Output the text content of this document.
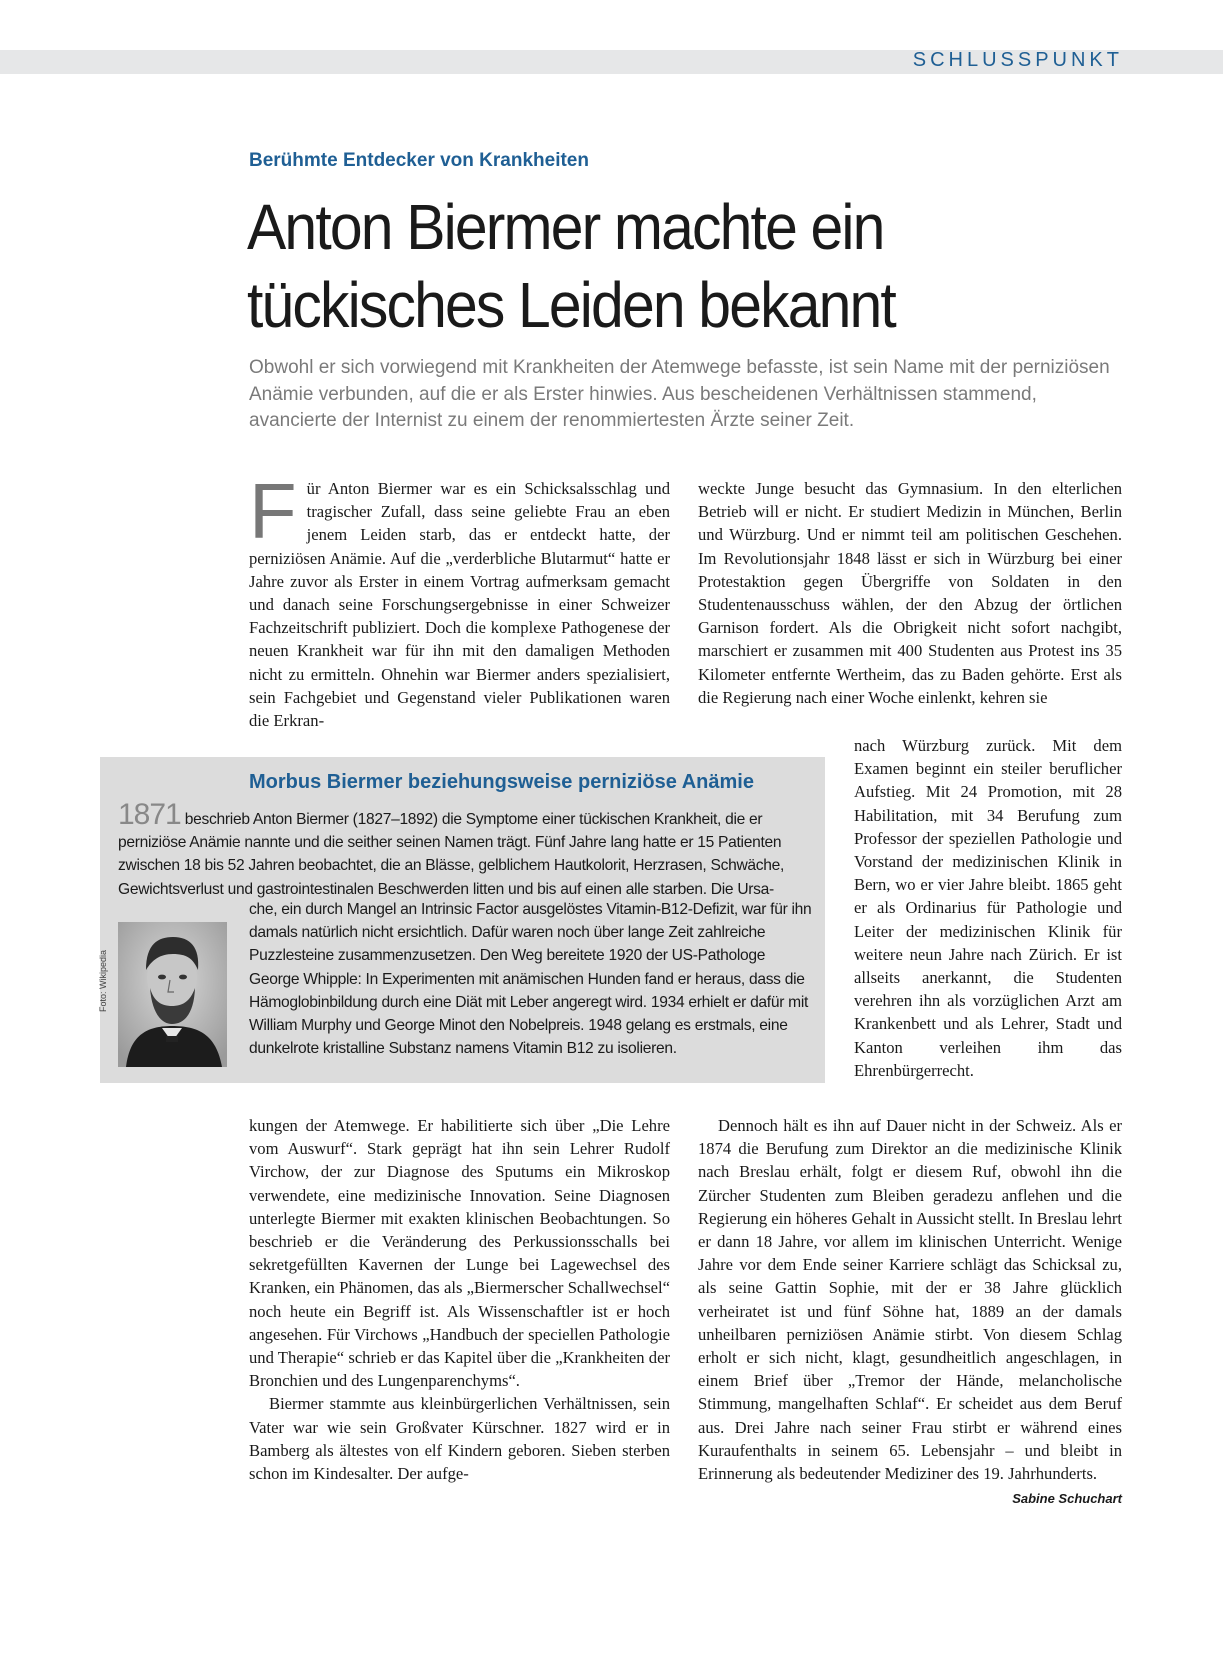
SCHLUSSPUNKT
Berühmte Entdecker von Krankheiten
Anton Biermer machte ein
tückisches Leiden bekannt

Obwohl er sich vorwiegend mit Krankheiten der Atemwege befasste, ist sein Name mit der perniziösen Anämie verbunden, auf die er als Erster hinwies. Aus bescheidenen Verhältnissen stammend, avancierte der Internist zu einem der renommiertesten Ärzte seiner Zeit.

F ür Anton Biermer war es ein Schicksalsschlag und tragischer Zufall, dass seine geliebte Frau an eben jenem Leiden starb, das er entdeckt hatte, der perniziösen Anämie. Auf die „verderbliche Blutarmut“ hatte er Jahre zuvor als Erster in einem Vortrag aufmerksam gemacht und danach seine Forschungsergebnisse in einer Schweizer Fachzeitschrift publiziert. Doch die komplexe Pathogenese der neuen Krankheit war für ihn mit den damaligen Methoden nicht zu ermitteln. Ohnehin war Biermer anders spezialisiert, sein Fachgebiet und Gegenstand vieler Publikationen waren die Erkran-

weckte Junge besucht das Gymnasium. In den elterlichen Betrieb will er nicht. Er studiert Medizin in München, Berlin und Würzburg. Und er nimmt teil am politischen Geschehen. Im Revolutionsjahr 1848 lässt er sich in Würzburg bei einer Protestaktion gegen Übergriffe von Soldaten in den Studentenausschuss wählen, der den Abzug der örtlichen Garnison fordert. Als die Obrigkeit nicht sofort nachgibt, marschiert er zusammen mit 400 Studenten aus Protest ins 35 Kilometer entfernte Wertheim, das zu Baden gehörte. Erst als die Regierung nach einer Woche einlenkt, kehren sie

nach Würzburg zurück. Mit dem Examen beginnt ein steiler beruflicher Aufstieg. Mit 24 Promotion, mit 28 Habilitation, mit 34 Berufung zum Professor der speziellen Pathologie und Vorstand der medizinischen Klinik in Bern, wo er vier Jahre bleibt. 1865 geht er als Ordinarius für Pathologie und Leiter der medizinischen Klinik für weitere neun Jahre nach Zürich. Er ist allseits anerkannt, die Studenten verehren ihn als vorzüglichen Arzt am Krankenbett und als Lehrer, Stadt und Kanton verleihen ihm das Ehrenbürgerrecht.

Morbus Biermer beziehungsweise perniziöse Anämie

1871 beschrieb Anton Biermer (1827–1892) die Symptome einer tückischen Krankheit, die er perniziöse Anämie nannte und die seither seinen Namen trägt. Fünf Jahre lang hatte er 15 Patienten zwischen 18 bis 52 Jahren beobachtet, die an Blässe, gelblichem Hautkolorit, Herzrasen, Schwäche, Gewichtsverlust und gastrointestinalen Beschwerden litten und bis auf einen alle starben. Die Ursa-

Foto: Wikipedia

che, ein durch Mangel an Intrinsic Factor ausgelöstes Vitamin-B12-Defizit, war für ihn damals natürlich nicht ersichtlich. Dafür waren noch über lange Zeit zahlreiche Puzzlesteine zusammenzusetzen. Den Weg bereitete 1920 der US-Pathologe George Whipple: In Experimenten mit anämischen Hunden fand er heraus, dass die Hämoglobinbildung durch eine Diät mit Leber angeregt wird. 1934 erhielt er dafür mit William Murphy und George Minot den Nobelpreis. 1948 gelang es erstmals, eine dunkelrote kristalline Substanz namens Vitamin B12 zu isolieren.

kungen der Atemwege. Er habilitierte sich über „Die Lehre vom Auswurf“. Stark geprägt hat ihn sein Lehrer Rudolf Virchow, der zur Diagnose des Sputums ein Mikroskop verwendete, eine medizinische Innovation. Seine Diagnosen unterlegte Biermer mit exakten klinischen Beobachtungen. So beschrieb er die Veränderung des Perkussionsschalls bei sekretgefüllten Kavernen der Lunge bei Lagewechsel des Kranken, ein Phänomen, das als „Biermerscher Schallwechsel“ noch heute ein Begriff ist. Als Wissenschaftler ist er hoch angesehen. Für Virchows „Handbuch der speciellen Pathologie und Therapie“ schrieb er das Kapitel über die „Krankheiten der Bronchien und des Lungenparenchyms“.

Biermer stammte aus kleinbürgerlichen Verhältnissen, sein Vater war wie sein Großvater Kürschner. 1827 wird er in Bamberg als ältestes von elf Kindern geboren. Sieben sterben schon im Kindesalter. Der aufge-

Dennoch hält es ihn auf Dauer nicht in der Schweiz. Als er 1874 die Berufung zum Direktor an die medizinische Klinik nach Breslau erhält, folgt er diesem Ruf, obwohl ihn die Zürcher Studenten zum Bleiben geradezu anflehen und die Regierung ein höheres Gehalt in Aussicht stellt. In Breslau lehrt er dann 18 Jahre, vor allem im klinischen Unterricht. Wenige Jahre vor dem Ende seiner Karriere schlägt das Schicksal zu, als seine Gattin Sophie, mit der er 38 Jahre glücklich verheiratet ist und fünf Söhne hat, 1889 an der damals unheilbaren perniziösen Anämie stirbt. Von diesem Schlag erholt er sich nicht, klagt, gesundheitlich angeschlagen, in einem Brief über „Tremor der Hände, melancholische Stimmung, mangelhaften Schlaf“. Er scheidet aus dem Beruf aus. Drei Jahre nach seiner Frau stirbt er während eines Kuraufenthalts in seinem 65. Lebensjahr – und bleibt in Erinnerung als bedeutender Mediziner des 19. Jahrhunderts.
Sabine Schuchart
